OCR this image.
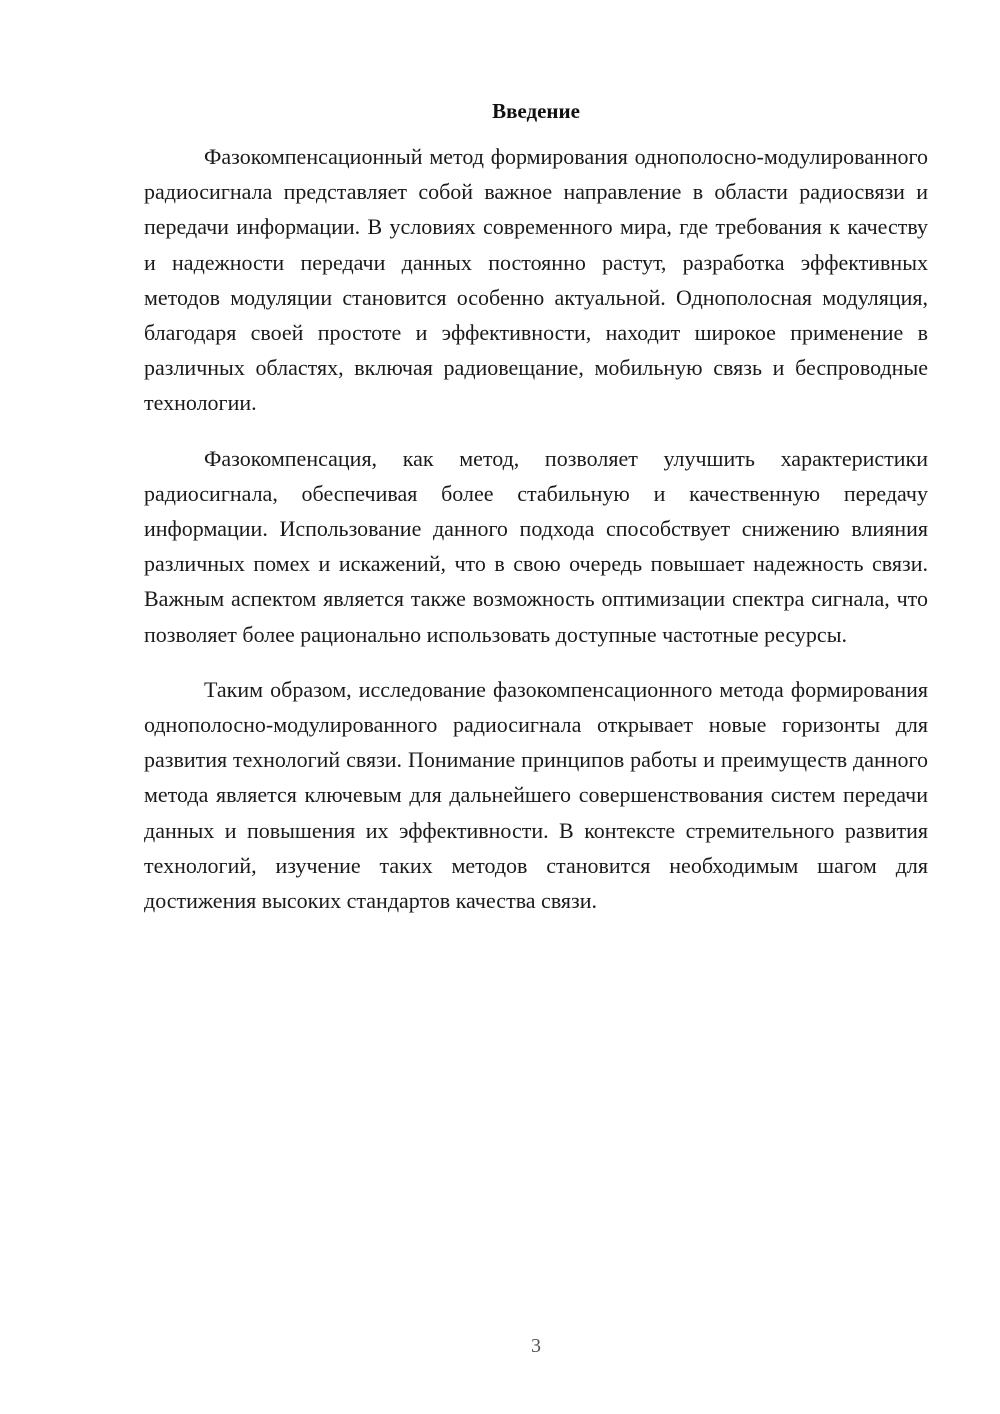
Введение

Фазокомпенсационный метод формирования однополосно-модулированного радиосигнала представляет собой важное направление в области радиосвязи и передачи информации. В условиях современного мира, где требования к качеству и надежности передачи данных постоянно растут, разработка эффективных методов модуляции становится особенно актуальной. Однополосная модуляция, благодаря своей простоте и эффективности, находит широкое применение в различных областях, включая радиовещание, мобильную связь и беспроводные технологии.

Фазокомпенсация, как метод, позволяет улучшить характеристики радиосигнала, обеспечивая более стабильную и качественную передачу информации. Использование данного подхода способствует снижению влияния различных помех и искажений, что в свою очередь повышает надежность связи. Важным аспектом является также возможность оптимизации спектра сигнала, что позволяет более рационально использовать доступные частотные ресурсы.

Таким образом, исследование фазокомпенсационного метода формирования однополосно-модулированного радиосигнала открывает новые горизонты для развития технологий связи. Понимание принципов работы и преимуществ данного метода является ключевым для дальнейшего совершенствования систем передачи данных и повышения их эффективности. В контексте стремительного развития технологий, изучение таких методов становится необходимым шагом для достижения высоких стандартов качества связи.

3
